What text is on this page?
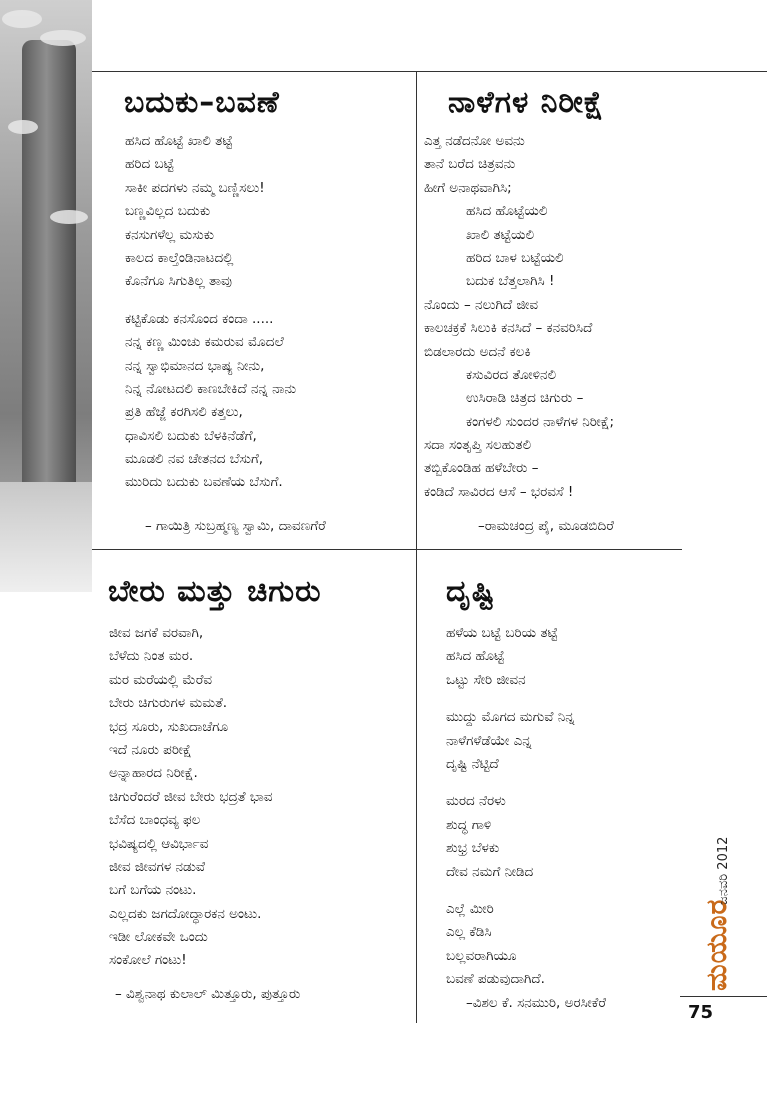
ಬದುಕು–ಬವಣೆ
ಹಸಿದ ಹೊಟ್ಟೆ ಖಾಲಿ ತಟ್ಟೆ
ಹರಿದ ಬಟ್ಟೆ
ಸಾಕೀ ಪದಗಳು ನಮ್ಮ ಬಣ್ಣಿಸಲು!
ಬಣ್ಣವಿಲ್ಲದ ಬದುಕು
ಕನಸುಗಳೆಲ್ಲ ಮಸುಕು
ಕಾಲದ ಕಾಲ್ತೆಂಡಿನಾಟದಲ್ಲಿ
ಕೊನೆಗೂ ಸಿಗುತಿಲ್ಲ ತಾವು
ಕಟ್ಟಿಕೊಡು ಕನಸೊಂದ ಕಂದಾ .....
ನನ್ನ ಕಣ್ಣ ಮಿಂಚು ಕಮರುವ ಮೊದಲೆ
ನನ್ನ ಸ್ವಾಭಿಮಾನದ ಭಾಷ್ಯ ನೀನು,
ನಿನ್ನ ನೋಟದಲಿ ಕಾಣಬೇಕಿದೆ ನನ್ನ ನಾನು
ಪ್ರತಿ ಹೆಜ್ಜೆ ಕರಗಿಸಲಿ ಕತ್ತಲು,
ಧಾವಿಸಲಿ ಬದುಕು ಬೆಳಕಿನೆಡೆಗೆ,
ಮೂಡಲಿ ನವ ಚೇತನದ ಬೆಸುಗೆ,
ಮುರಿದು ಬದುಕು ಬವಣೆಯ ಬೆಸುಗೆ.
– ಗಾಯಿತ್ರಿ ಸುಬ್ರಹ್ಮಣ್ಯ ಸ್ವಾಮಿ, ದಾವಣಗೆರೆ
ನಾಳೆಗಳ ನಿರೀಕ್ಷೆ
ಎತ್ತ ನಡೆದನೋ ಅವನು
ತಾನೆ ಬರೆದ ಚಿತ್ರವನು
ಹೀಗೆ ಅನಾಥವಾಗಿಸಿ;
ಹಸಿದ ಹೊಟ್ಟೆಯಲಿ
ಖಾಲಿ ತಟ್ಟೆಯಲಿ
ಹರಿದ ಬಾಳ ಬಟ್ಟೆಯಲಿ
ಬದುಕ ಬೆತ್ತಲಾಗಿಸಿ !
ನೊಂದು – ನಲುಗಿದೆ ಜೀವ
ಕಾಲಚಕ್ರಕೆ ಸಿಲುಕಿ ಕನಸಿದೆ – ಕನವರಿಸಿದೆ
ಬಿಡಲಾರದು ಅದನೆ ಕಲಕಿ
ಕಸುವಿರದ ತೋಳಿನಲಿ
ಉಸಿರಾಡಿ ಚಿತ್ರದ ಚಿಗುರು –
ಕಂಗಳಲಿ ಸುಂದರ ನಾಳೆಗಳ ನಿರೀಕ್ಷೆ;
ಸದಾ ಸಂತೃಪ್ತಿ ಸಲಹುತಲಿ
ತಬ್ಬಿಕೊಂಡಿಹ ಹಳೆಬೇರು –
ಕಂಡಿದೆ ಸಾವಿರದ ಆಸೆ – ಭರವಸೆ !
–ರಾಮಚಂದ್ರ ಪೈ, ಮೂಡಬಿದಿರೆ
ಬೇರು ಮತ್ತು ಚಿಗುರು
ಜೀವ ಜಗಕೆ ವರವಾಗಿ,
ಬೆಳೆದು ನಿಂತ ಮರ.
ಮರ ಮರೆಯಲ್ಲಿ ಮೆರೆವ
ಬೇರು ಚಿಗುರುಗಳ ಮಮತೆ.
ಭದ್ರ ಸೂರು, ಸುಖದಾಚೆಗೂ
ಇದೆ ನೂರು ಪರೀಕ್ಷೆ
ಅನ್ನಾಹಾರದ ನಿರೀಕ್ಷೆ.
ಚಿಗುರೆಂದರೆ ಜೀವ ಬೇರು ಭದ್ರತೆ ಭಾವ
ಬೆಸೆದ ಬಾಂಧವ್ಯ ಫಲ
ಭವಿಷ್ಯದಲ್ಲಿ ಆವಿರ್ಭಾವ
ಜೀವ ಜೀವಗಳ ನಡುವೆ
ಬಗೆ ಬಗೆಯ ನಂಟು.
ಎಲ್ಲದಕು ಜಗದೋದ್ಧಾರಕನ ಅಂಟು.
ಇಡೀ ಲೋಕವೇ ಒಂದು
ಸಂಕೋಲೆ ಗಂಟು!
– ವಿಶ್ವನಾಥ ಕುಲಾಲ್ ಮಿತ್ತೂರು, ಪುತ್ತೂರು
ದೃಷ್ಟಿ
ಹಳೆಯ ಬಟ್ಟೆ ಬರಿಯ ತಟ್ಟೆ
ಹಸಿದ ಹೊಟ್ಟೆ
ಒಟ್ಟು ಸೇರಿ ಜೀವನ
ಮುದ್ದು ಮೊಗದ ಮಗುವೆ ನಿನ್ನ
ನಾಳೆಗಳೆಡೆಯೇ ಎನ್ನ
ದೃಷ್ಟಿ ನೆಟ್ಟಿದೆ
ಮರದ ನೆರಳು
ಶುದ್ಧ ಗಾಳಿ
ಶುಭ್ರ ಬೆಳಕು
ದೇವ ನಮಗೆ ನೀಡಿದ
ಎಲ್ಲೆ ಮೀರಿ
ಎಲ್ಲ ಕೆಡಿಸಿ
ಬಲ್ಲವರಾಗಿಯೂ
ಬವಣೆ ಪಡುವುದಾಗಿದೆ.
–ವಿಶಲ ಕೆ. ಸನಮುರಿ, ಅರಸೀಕೆರೆ
ಮಯೂರ
ಜನವರಿ 2012
75
